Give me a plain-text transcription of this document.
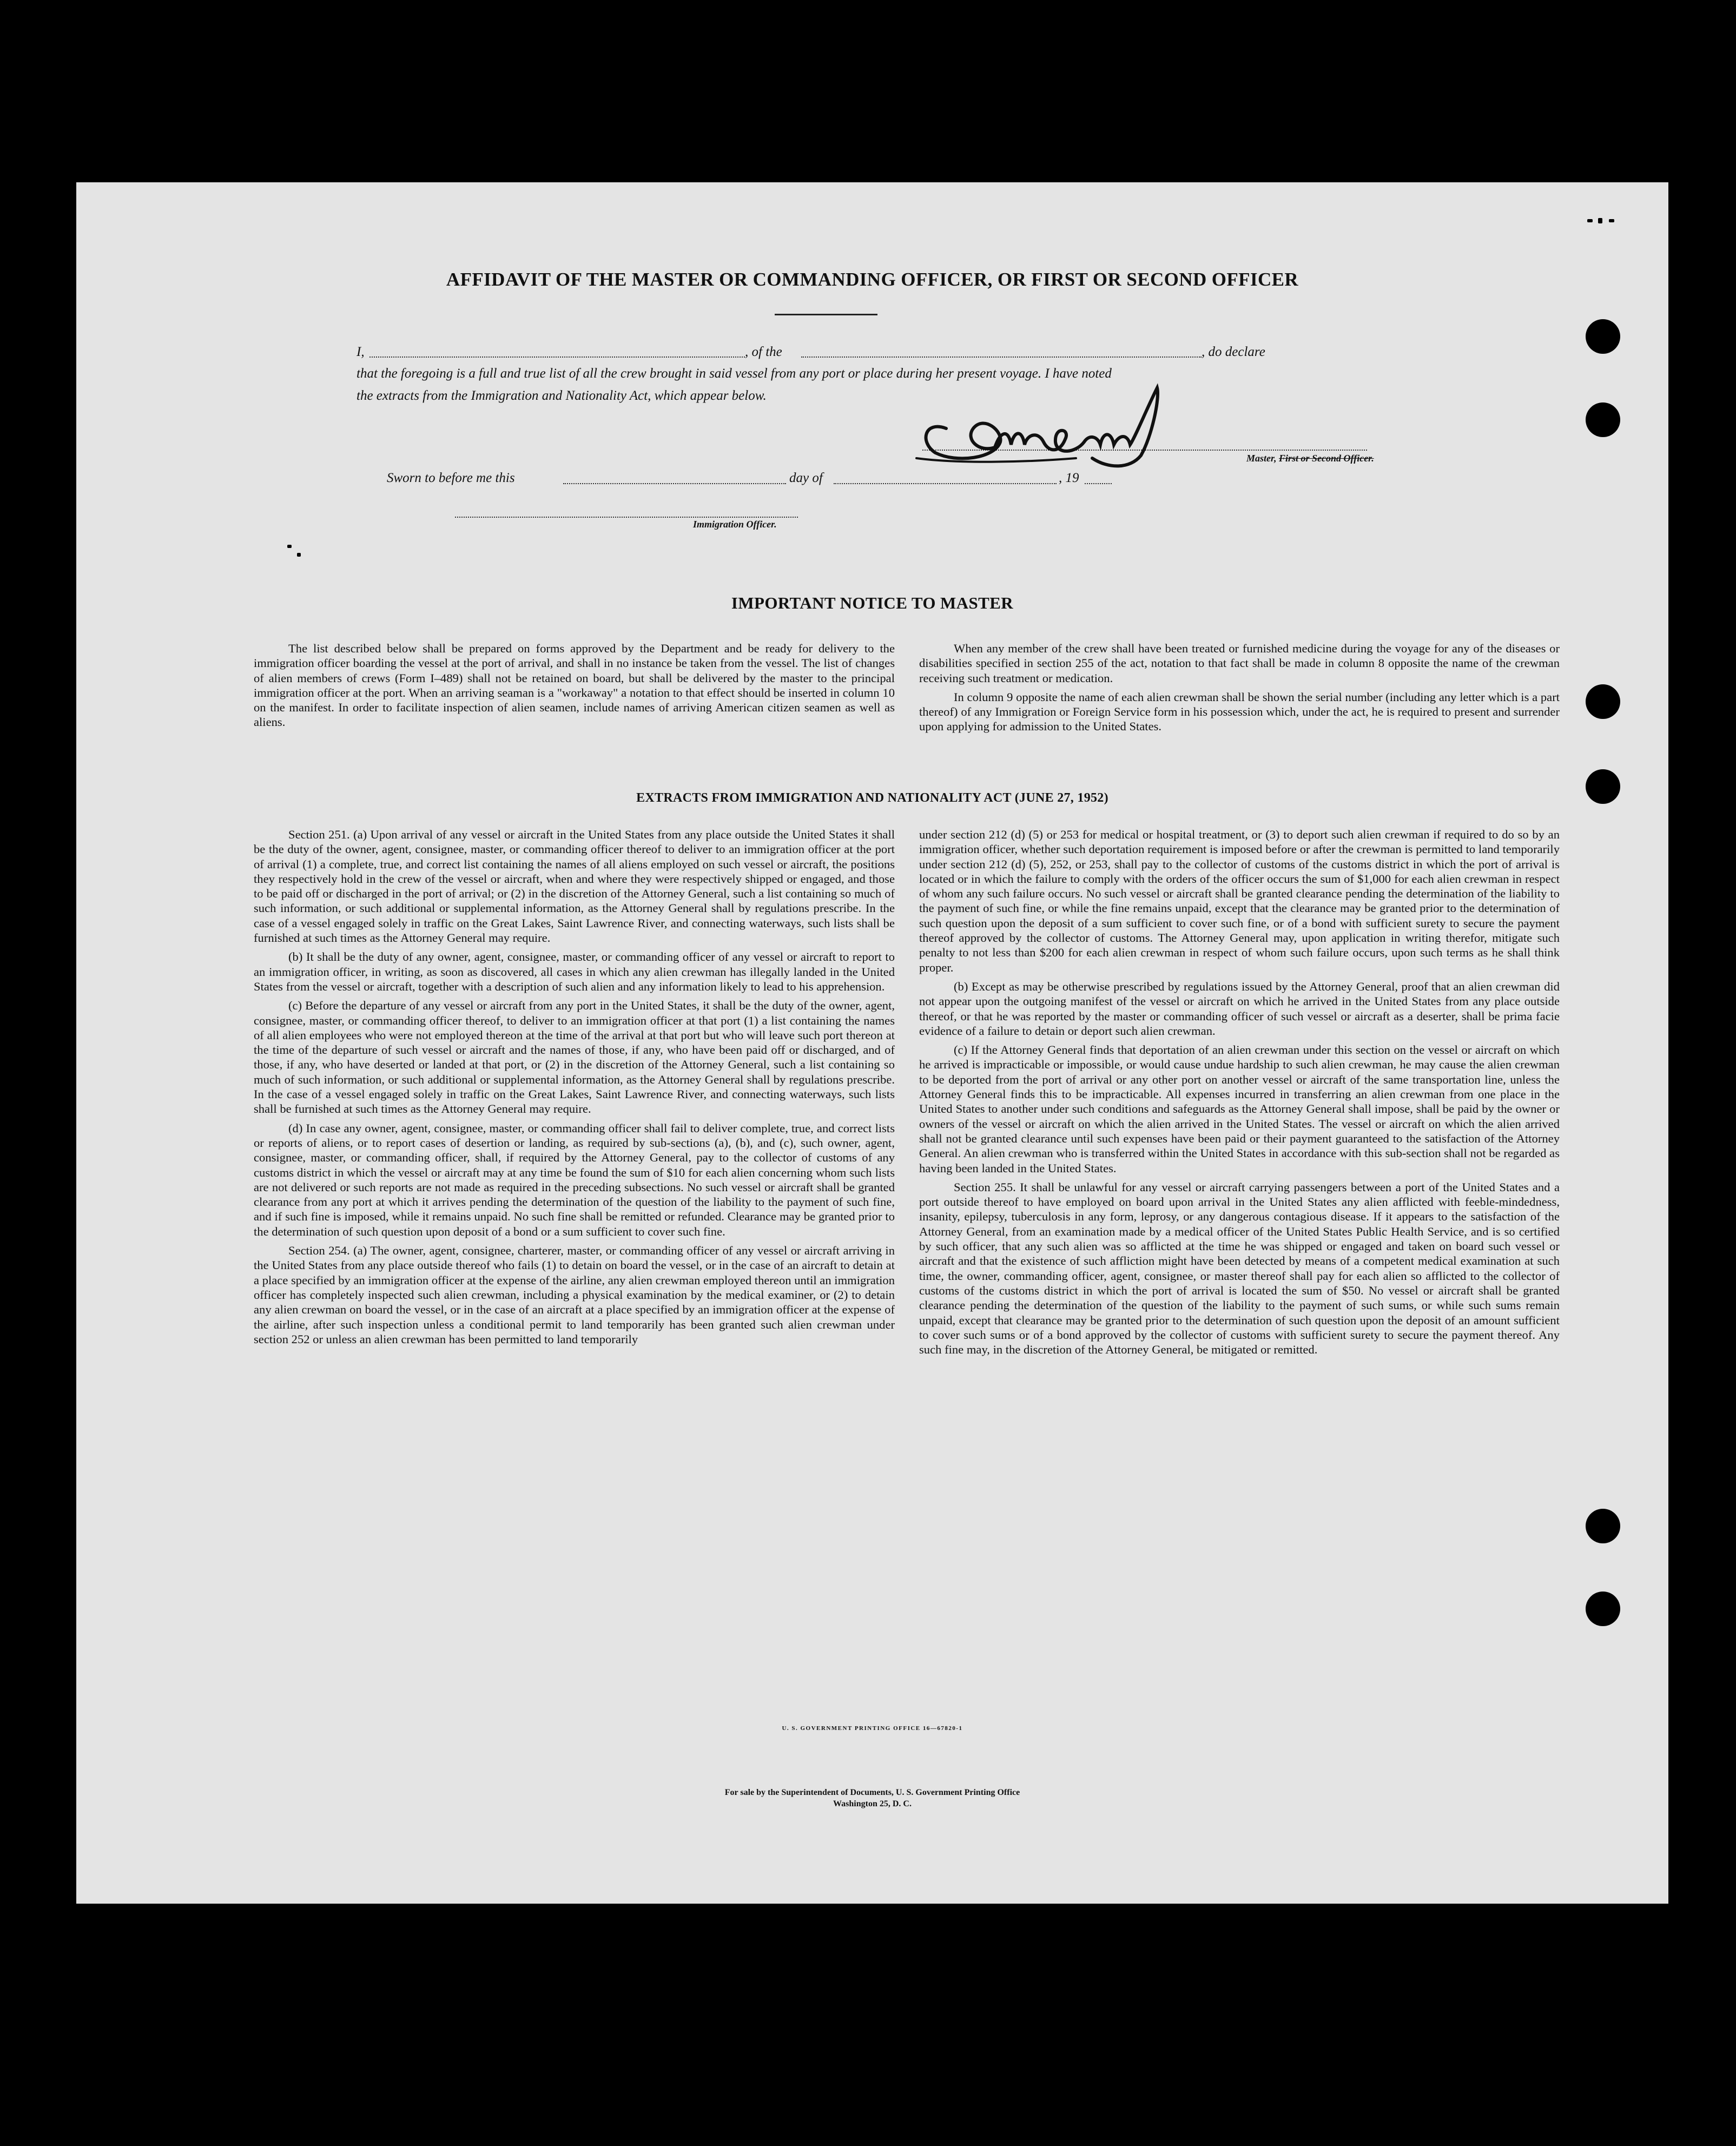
AFFIDAVIT OF THE MASTER OR COMMANDING OFFICER, OR FIRST OR SECOND OFFICER
I,	, of the	, do declare
that the foregoing is a full and true list of all the crew brought in said vessel from any port or place during her present voyage. I have noted
the extracts from the Immigration and Nationality Act, which appear below.
Master, First or Second Officer.
Sworn to before me this	day of	, 19
Immigration Officer.
IMPORTANT NOTICE TO MASTER

The list described below shall be prepared on forms approved by the Department and be ready for delivery to the immigration officer boarding the vessel at the port of arrival, and shall in no instance be taken from the vessel. The list of changes of alien members of crews (Form I–489) shall not be retained on board, but shall be delivered by the master to the principal immigration officer at the port. When an arriving seaman is a "workaway" a notation to that effect should be inserted in column 10 on the manifest. In order to facilitate inspection of alien seamen, include names of arriving American citizen seamen as well as aliens.

When any member of the crew shall have been treated or furnished medicine during the voyage for any of the diseases or disabilities specified in section 255 of the act, notation to that fact shall be made in column 8 opposite the name of the crewman receiving such treatment or medication.

In column 9 opposite the name of each alien crewman shall be shown the serial number (including any letter which is a part thereof) of any Immigration or Foreign Service form in his possession which, under the act, he is required to present and surrender upon applying for admission to the United States.

EXTRACTS FROM IMMIGRATION AND NATIONALITY ACT (JUNE 27, 1952)

Section 251. (a) Upon arrival of any vessel or aircraft in the United States from any place outside the United States it shall be the duty of the owner, agent, consignee, master, or commanding officer thereof to deliver to an immigration officer at the port of arrival (1) a complete, true, and correct list containing the names of all aliens employed on such vessel or aircraft, the positions they respectively hold in the crew of the vessel or aircraft, when and where they were respectively shipped or engaged, and those to be paid off or discharged in the port of arrival; or (2) in the discretion of the Attorney General, such a list containing so much of such information, or such additional or supplemental information, as the Attorney General shall by regulations prescribe. In the case of a vessel engaged solely in traffic on the Great Lakes, Saint Lawrence River, and connecting waterways, such lists shall be furnished at such times as the Attorney General may require.

(b) It shall be the duty of any owner, agent, consignee, master, or commanding officer of any vessel or aircraft to report to an immigration officer, in writing, as soon as discovered, all cases in which any alien crewman has illegally landed in the United States from the vessel or aircraft, together with a description of such alien and any information likely to lead to his apprehension.

(c) Before the departure of any vessel or aircraft from any port in the United States, it shall be the duty of the owner, agent, consignee, master, or commanding officer thereof, to deliver to an immigration officer at that port (1) a list containing the names of all alien employees who were not employed thereon at the time of the arrival at that port but who will leave such port thereon at the time of the departure of such vessel or aircraft and the names of those, if any, who have been paid off or discharged, and of those, if any, who have deserted or landed at that port, or (2) in the discretion of the Attorney General, such a list containing so much of such information, or such additional or supplemental information, as the Attorney General shall by regulations prescribe. In the case of a vessel engaged solely in traffic on the Great Lakes, Saint Lawrence River, and connecting waterways, such lists shall be furnished at such times as the Attorney General may require.

(d) In case any owner, agent, consignee, master, or commanding officer shall fail to deliver complete, true, and correct lists or reports of aliens, or to report cases of desertion or landing, as required by sub-sections (a), (b), and (c), such owner, agent, consignee, master, or commanding officer, shall, if required by the Attorney General, pay to the collector of customs of any customs district in which the vessel or aircraft may at any time be found the sum of $10 for each alien concerning whom such lists are not delivered or such reports are not made as required in the preceding subsections. No such vessel or aircraft shall be granted clearance from any port at which it arrives pending the determination of the question of the liability to the payment of such fine, and if such fine is imposed, while it remains unpaid. No such fine shall be remitted or refunded. Clearance may be granted prior to the determination of such question upon deposit of a bond or a sum sufficient to cover such fine.

Section 254. (a) The owner, agent, consignee, charterer, master, or commanding officer of any vessel or aircraft arriving in the United States from any place outside thereof who fails (1) to detain on board the vessel, or in the case of an aircraft to detain at a place specified by an immigration officer at the expense of the airline, any alien crewman employed thereon until an immigration officer has completely inspected such alien crewman, including a physical examination by the medical examiner, or (2) to detain any alien crewman on board the vessel, or in the case of an aircraft at a place specified by an immigration officer at the expense of the airline, after such inspection unless a conditional permit to land temporarily has been granted such alien crewman under section 252 or unless an alien crewman has been permitted to land temporarily

under section 212 (d) (5) or 253 for medical or hospital treatment, or (3) to deport such alien crewman if required to do so by an immigration officer, whether such deportation requirement is imposed before or after the crewman is permitted to land temporarily under section 212 (d) (5), 252, or 253, shall pay to the collector of customs of the customs district in which the port of arrival is located or in which the failure to comply with the orders of the officer occurs the sum of $1,000 for each alien crewman in respect of whom any such failure occurs. No such vessel or aircraft shall be granted clearance pending the determination of the liability to the payment of such fine, or while the fine remains unpaid, except that the clearance may be granted prior to the determination of such question upon the deposit of a sum sufficient to cover such fine, or of a bond with sufficient surety to secure the payment thereof approved by the collector of customs. The Attorney General may, upon application in writing therefor, mitigate such penalty to not less than $200 for each alien crewman in respect of whom such failure occurs, upon such terms as he shall think proper.

(b) Except as may be otherwise prescribed by regulations issued by the Attorney General, proof that an alien crewman did not appear upon the outgoing manifest of the vessel or aircraft on which he arrived in the United States from any place outside thereof, or that he was reported by the master or commanding officer of such vessel or aircraft as a deserter, shall be prima facie evidence of a failure to detain or deport such alien crewman.

(c) If the Attorney General finds that deportation of an alien crewman under this section on the vessel or aircraft on which he arrived is impracticable or impossible, or would cause undue hardship to such alien crewman, he may cause the alien crewman to be deported from the port of arrival or any other port on another vessel or aircraft of the same transportation line, unless the Attorney General finds this to be impracticable. All expenses incurred in transferring an alien crewman from one place in the United States to another under such conditions and safeguards as the Attorney General shall impose, shall be paid by the owner or owners of the vessel or aircraft on which the alien arrived in the United States. The vessel or aircraft on which the alien arrived shall not be granted clearance until such expenses have been paid or their payment guaranteed to the satisfaction of the Attorney General. An alien crewman who is transferred within the United States in accordance with this sub-section shall not be regarded as having been landed in the United States.

Section 255. It shall be unlawful for any vessel or aircraft carrying passengers between a port of the United States and a port outside thereof to have employed on board upon arrival in the United States any alien afflicted with feeble-mindedness, insanity, epilepsy, tuberculosis in any form, leprosy, or any dangerous contagious disease. If it appears to the satisfaction of the Attorney General, from an examination made by a medical officer of the United States Public Health Service, and is so certified by such officer, that any such alien was so afflicted at the time he was shipped or engaged and taken on board such vessel or aircraft and that the existence of such affliction might have been detected by means of a competent medical examination at such time, the owner, commanding officer, agent, consignee, or master thereof shall pay for each alien so afflicted to the collector of customs of the customs district in which the port of arrival is located the sum of $50. No vessel or aircraft shall be granted clearance pending the determination of the question of the liability to the payment of such sums, or while such sums remain unpaid, except that clearance may be granted prior to the determination of such question upon the deposit of an amount sufficient to cover such sums or of a bond approved by the collector of customs with sufficient surety to secure the payment thereof. Any such fine may, in the discretion of the Attorney General, be mitigated or remitted.

U. S. GOVERNMENT PRINTING OFFICE 16—67820-1
For sale by the Superintendent of Documents, U. S. Government Printing Office
Washington 25, D. C.
